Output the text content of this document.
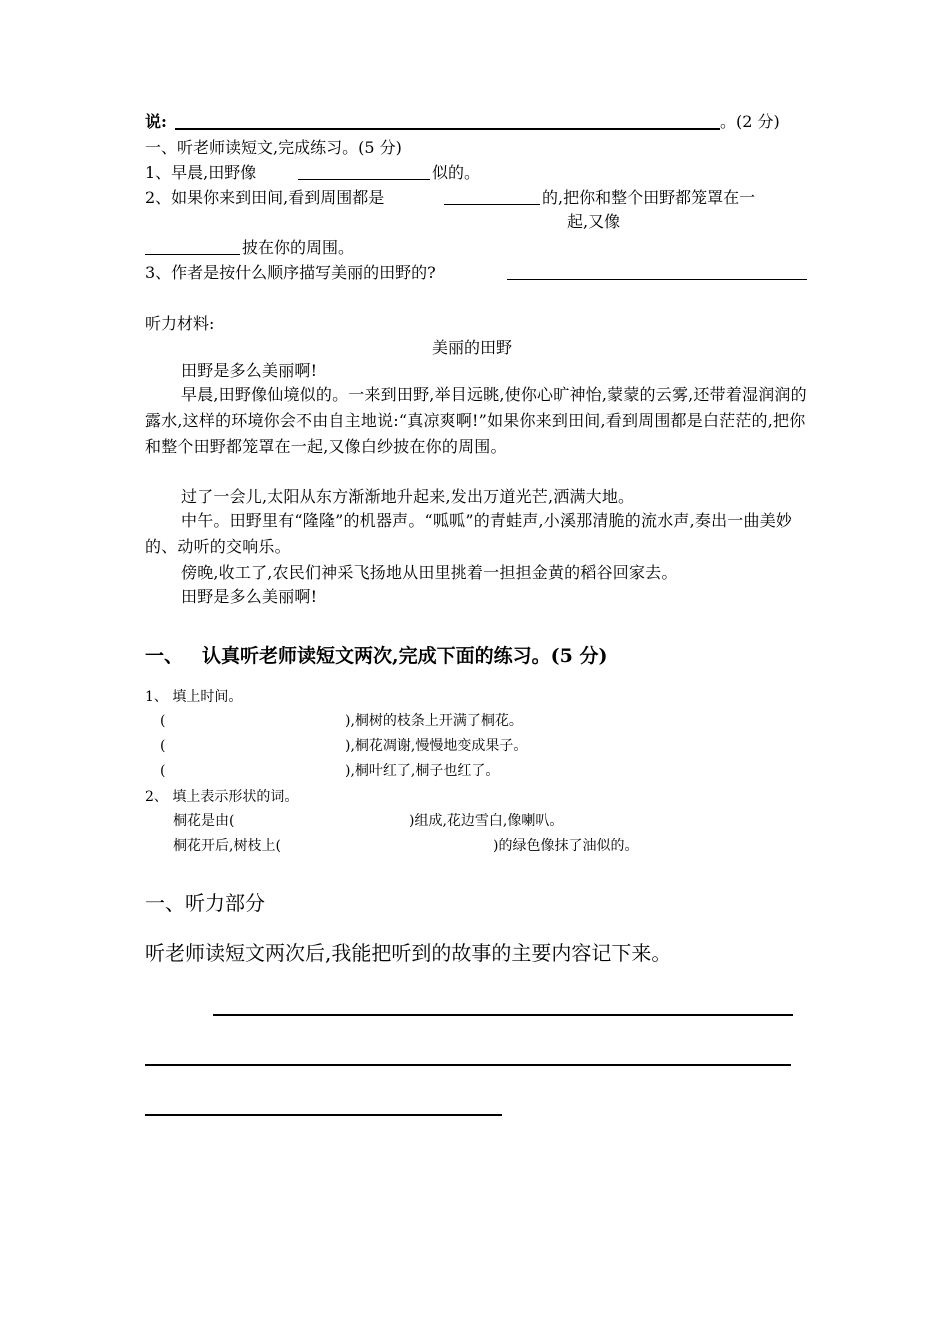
说:	。(2 分)
一、听老师读短文,完成练习。(5 分)
1、早晨,田野像	似的。
2、如果你来到田间,看到周围都是	的,把你和整个田野都笼罩在一
起,又像
披在你的周围。
3、作者是按什么顺序描写美丽的田野的?
听力材料:
美丽的田野
田野是多么美丽啊!
早晨,田野像仙境似的。一来到田野,举目远眺,使你心旷神怡,蒙蒙的云雾,还带着湿润润的露水,这样的环境你会不由自主地说:“真凉爽啊!”如果你来到田间,看到周围都是白茫茫的,把你和整个田野都笼罩在一起,又像白纱披在你的周围。
过了一会儿,太阳从东方渐渐地升起来,发出万道光芒,洒满大地。
中午。田野里有“隆隆”的机器声。“呱呱”的青蛙声,小溪那清脆的流水声,奏出一曲美妙的、动听的交响乐。
傍晚,收工了,农民们神采飞扬地从田里挑着一担担金黄的稻谷回家去。
田野是多么美丽啊!
一、 认真听老师读短文两次,完成下面的练习。(5 分)
1、 填上时间。
(	),桐树的枝条上开满了桐花。
(	),桐花凋谢,慢慢地变成果子。
(	),桐叶红了,桐子也红了。
2、 填上表示形状的词。
桐花是由(	)组成,花边雪白,像喇叭。
桐花开后,树枝上(	)的绿色像抹了油似的。
一、听力部分
听老师读短文两次后,我能把听到的故事的主要内容记下来。
